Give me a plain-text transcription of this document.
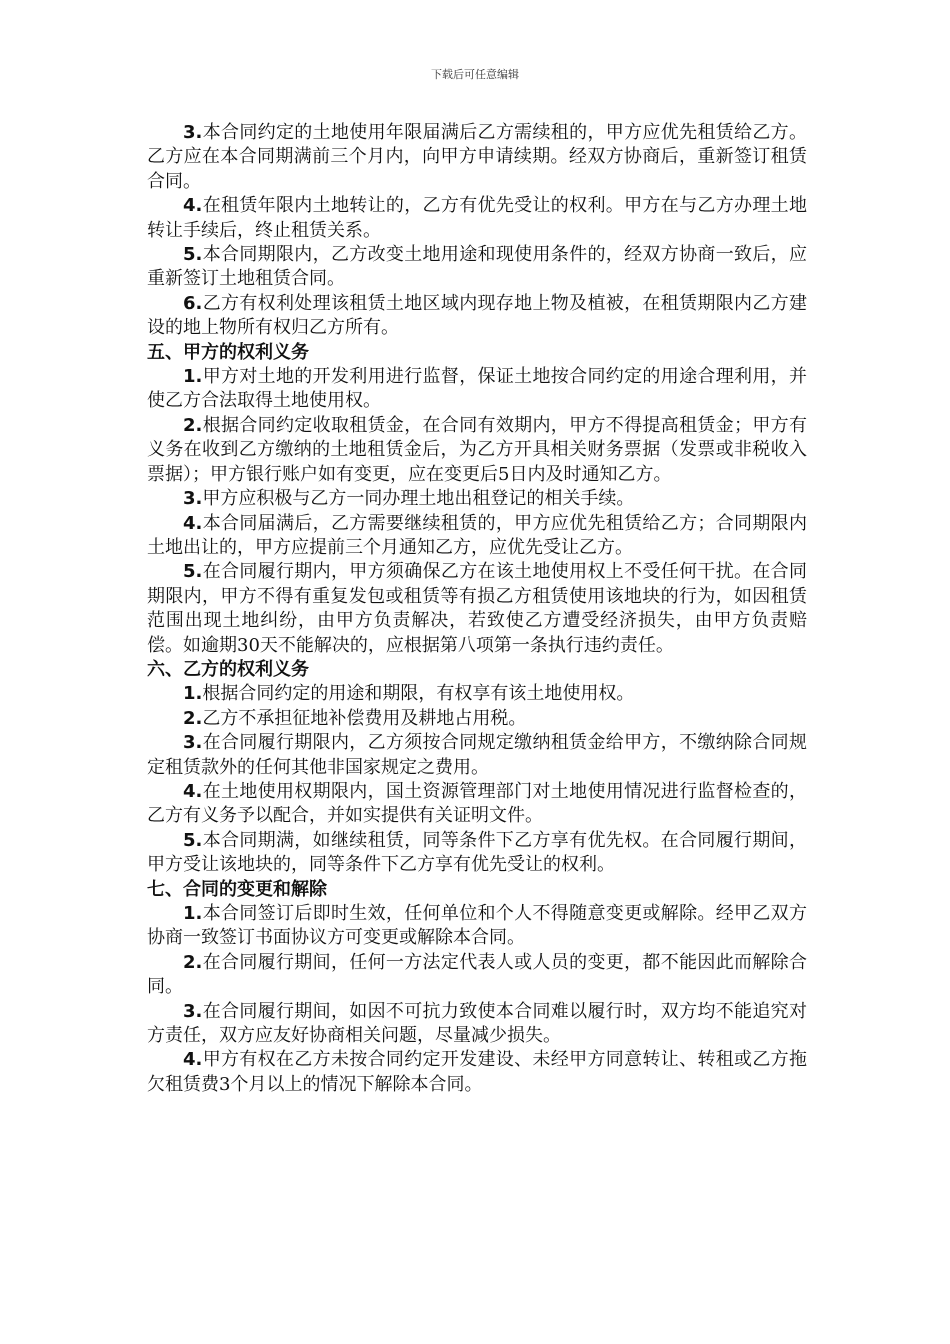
下载后可任意编辑

3.本合同约定的土地使用年限届满后乙方需续租的，甲方应优先租赁给乙方。乙方应在本合同期满前三个月内，向甲方申请续期。经双方协商后，重新签订租赁合同。

4.在租赁年限内土地转让的，乙方有优先受让的权利。甲方在与乙方办理土地转让手续后，终止租赁关系。

5.本合同期限内，乙方改变土地用途和现使用条件的，经双方协商一致后，应重新签订土地租赁合同。

6.乙方有权利处理该租赁土地区域内现存地上物及植被，在租赁期限内乙方建设的地上物所有权归乙方所有。

五、甲方的权利义务

1.甲方对土地的开发利用进行监督，保证土地按合同约定的用途合理利用，并使乙方合法取得土地使用权。

2.根据合同约定收取租赁金，在合同有效期内，甲方不得提高租赁金；甲方有义务在收到乙方缴纳的土地租赁金后，为乙方开具相关财务票据（发票或非税收入票据）；甲方银行账户如有变更，应在变更后5日内及时通知乙方。

3.甲方应积极与乙方一同办理土地出租登记的相关手续。

4.本合同届满后，乙方需要继续租赁的，甲方应优先租赁给乙方；合同期限内土地出让的，甲方应提前三个月通知乙方，应优先受让乙方。

5.在合同履行期内，甲方须确保乙方在该土地使用权上不受任何干扰。在合同期限内，甲方不得有重复发包或租赁等有损乙方租赁使用该地块的行为，如因租赁范围出现土地纠纷，由甲方负责解决，若致使乙方遭受经济损失，由甲方负责赔偿。如逾期30天不能解决的，应根据第八项第一条执行违约责任。

六、乙方的权利义务

1.根据合同约定的用途和期限，有权享有该土地使用权。

2.乙方不承担征地补偿费用及耕地占用税。

3.在合同履行期限内，乙方须按合同规定缴纳租赁金给甲方，不缴纳除合同规定租赁款外的任何其他非国家规定之费用。

4.在土地使用权期限内，国土资源管理部门对土地使用情况进行监督检查的，乙方有义务予以配合，并如实提供有关证明文件。

5.本合同期满，如继续租赁，同等条件下乙方享有优先权。在合同履行期间，甲方受让该地块的，同等条件下乙方享有优先受让的权利。

七、合同的变更和解除

1.本合同签订后即时生效，任何单位和个人不得随意变更或解除。经甲乙双方协商一致签订书面协议方可变更或解除本合同。

2.在合同履行期间，任何一方法定代表人或人员的变更，都不能因此而解除合同。

3.在合同履行期间，如因不可抗力致使本合同难以履行时，双方均不能追究对方责任，双方应友好协商相关问题，尽量减少损失。

4.甲方有权在乙方未按合同约定开发建设、未经甲方同意转让、转租或乙方拖欠租赁费3个月以上的情况下解除本合同。
